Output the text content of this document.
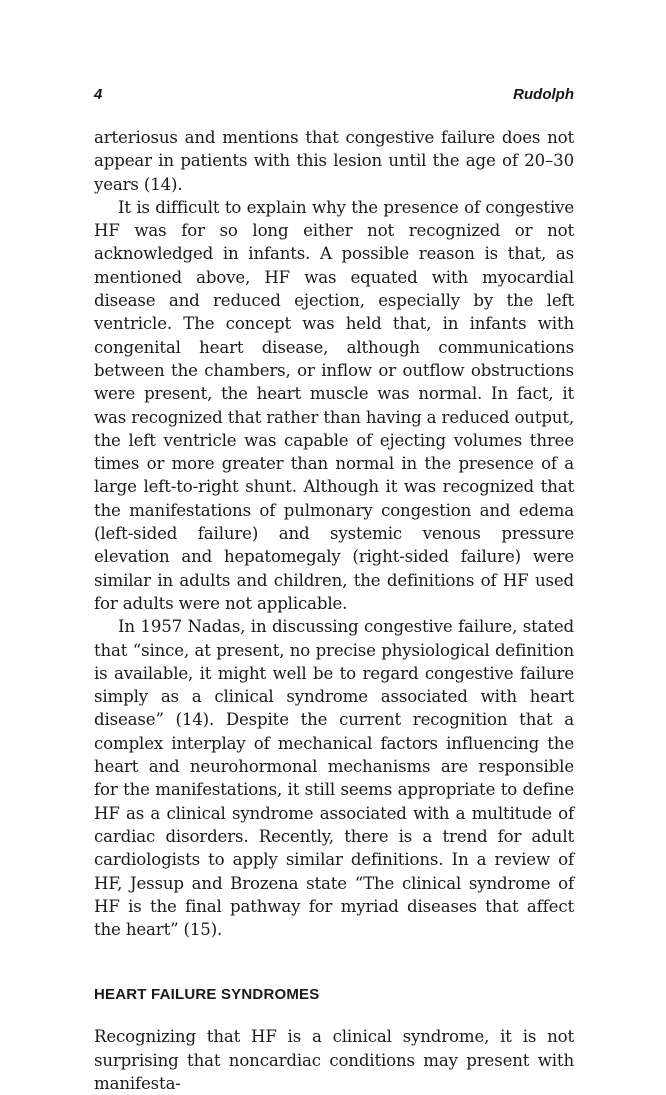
4	Rudolph

arteriosus and mentions that congestive failure does not appear in patients with this lesion until the age of 20–30 years (14).

It is difficult to explain why the presence of congestive HF was for so long either not recognized or not acknowledged in infants. A possible reason is that, as mentioned above, HF was equated with myocardial disease and reduced ejection, especially by the left ventricle. The concept was held that, in infants with congenital heart disease, although communications between the chambers, or inflow or outflow obstructions were present, the heart muscle was normal. In fact, it was recognized that rather than having a reduced output, the left ventricle was capable of ejecting volumes three times or more greater than normal in the presence of a large left-to-right shunt. Although it was recognized that the manifestations of pulmonary congestion and edema (left-sided failure) and systemic venous pressure elevation and hepatomegaly (right-sided failure) were similar in adults and children, the definitions of HF used for adults were not applicable.

In 1957 Nadas, in discussing congestive failure, stated that “since, at present, no precise physiological definition is available, it might well be to regard congestive failure simply as a clinical syndrome associated with heart disease” (14). Despite the current recognition that a complex interplay of mechanical factors influencing the heart and neurohormonal mechanisms are responsible for the manifestations, it still seems appropriate to define HF as a clinical syndrome associated with a multitude of cardiac disorders. Recently, there is a trend for adult cardiologists to apply similar definitions. In a review of HF, Jessup and Brozena state “The clinical syndrome of HF is the final pathway for myriad diseases that affect the heart” (15).

HEART FAILURE SYNDROMES

Recognizing that HF is a clinical syndrome, it is not surprising that noncardiac conditions may present with manifesta-
